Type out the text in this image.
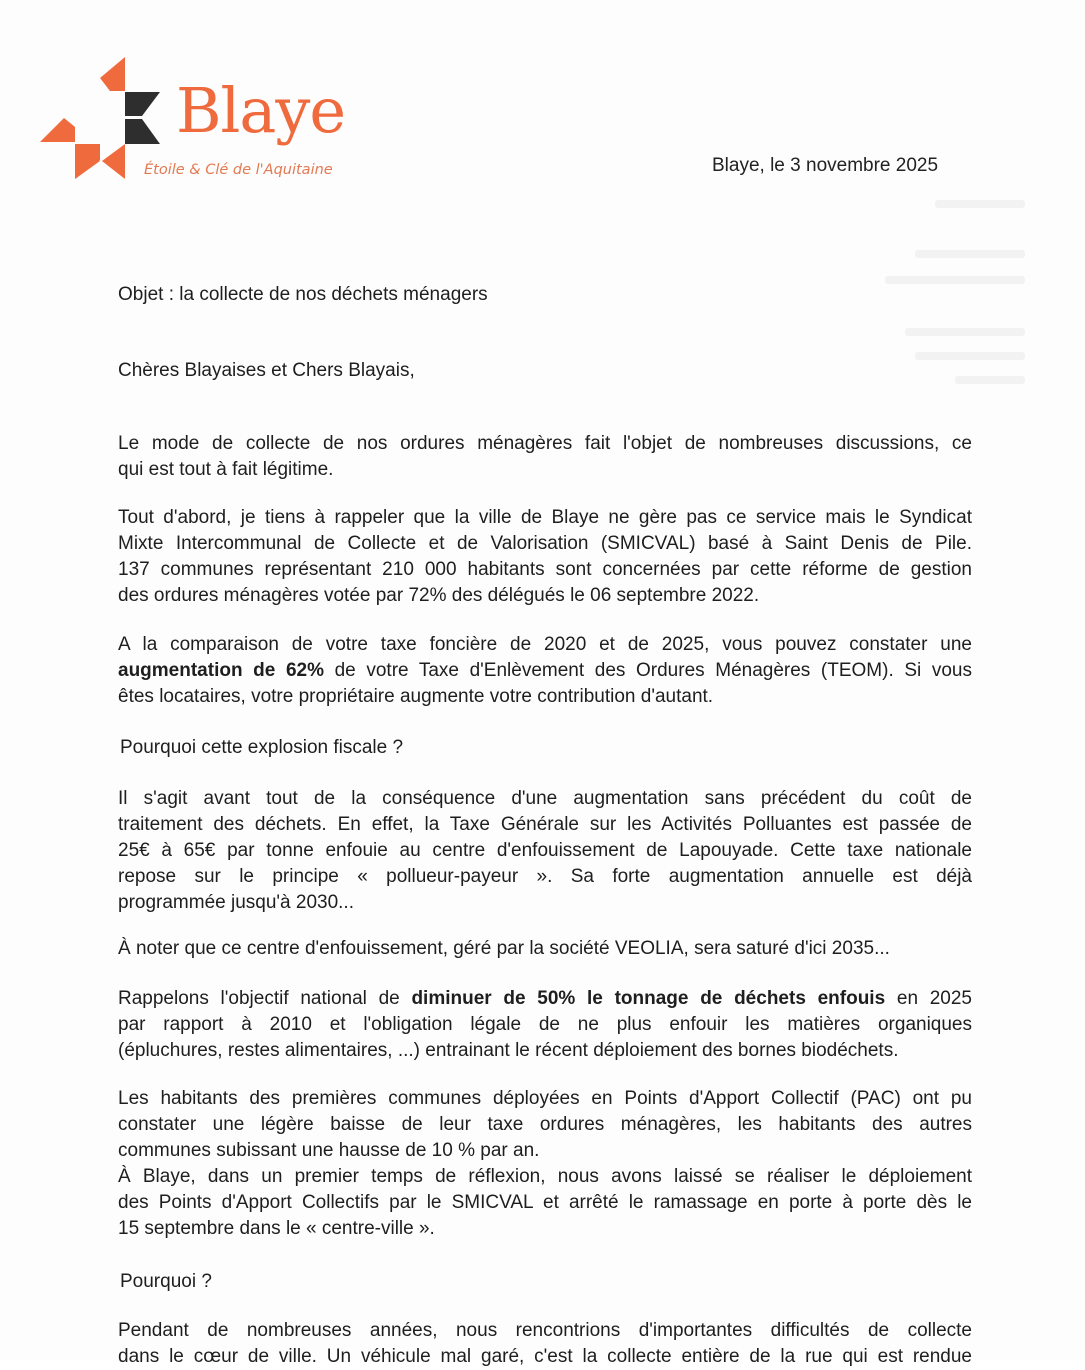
Blaye
Étoile & Clé de l'Aquitaine	Blaye, le 3 novembre 2025
Objet : la collecte de nos déchets ménagers
Chères Blayaises et Chers Blayais,
Le mode de collecte de nos ordures ménagères fait l'objet de nombreuses discussions, ce
qui est tout à fait légitime.
Tout d'abord, je tiens à rappeler que la ville de Blaye ne gère pas ce service mais le Syndicat
Mixte Intercommunal de Collecte et de Valorisation (SMICVAL) basé à Saint Denis de Pile.
137 communes représentant 210 000 habitants sont concernées par cette réforme de gestion
des ordures ménagères votée par 72% des délégués le 06 septembre 2022.
A la comparaison de votre taxe foncière de 2020 et de 2025, vous pouvez constater une
augmentation de 62% de votre Taxe d'Enlèvement des Ordures Ménagères (TEOM). Si vous
êtes locataires, votre propriétaire augmente votre contribution d'autant.
Pourquoi cette explosion fiscale ?
Il s'agit avant tout de la conséquence d'une augmentation sans précédent du coût de
traitement des déchets. En effet, la Taxe Générale sur les Activités Polluantes est passée de
25€ à 65€ par tonne enfouie au centre d'enfouissement de Lapouyade. Cette taxe nationale
repose sur le principe « pollueur-payeur ». Sa forte augmentation annuelle est déjà
programmée jusqu'à 2030...
À noter que ce centre d'enfouissement, géré par la société VEOLIA, sera saturé d'ici 2035...
Rappelons l'objectif national de diminuer de 50% le tonnage de déchets enfouis en 2025
par rapport à 2010 et l'obligation légale de ne plus enfouir les matières organiques
(épluchures, restes alimentaires, ...) entrainant le récent déploiement des bornes biodéchets.
Les habitants des premières communes déployées en Points d'Apport Collectif (PAC) ont pu
constater une légère baisse de leur taxe ordures ménagères, les habitants des autres
communes subissant une hausse de 10 % par an.
À Blaye, dans un premier temps de réflexion, nous avons laissé se réaliser le déploiement
des Points d'Apport Collectifs par le SMICVAL et arrêté le ramassage en porte à porte dès le
15 septembre dans le « centre-ville ».
Pourquoi ?
Pendant de nombreuses années, nous rencontrions d'importantes difficultés de collecte
dans le cœur de ville. Un véhicule mal garé, c'est la collecte entière de la rue qui est rendue
